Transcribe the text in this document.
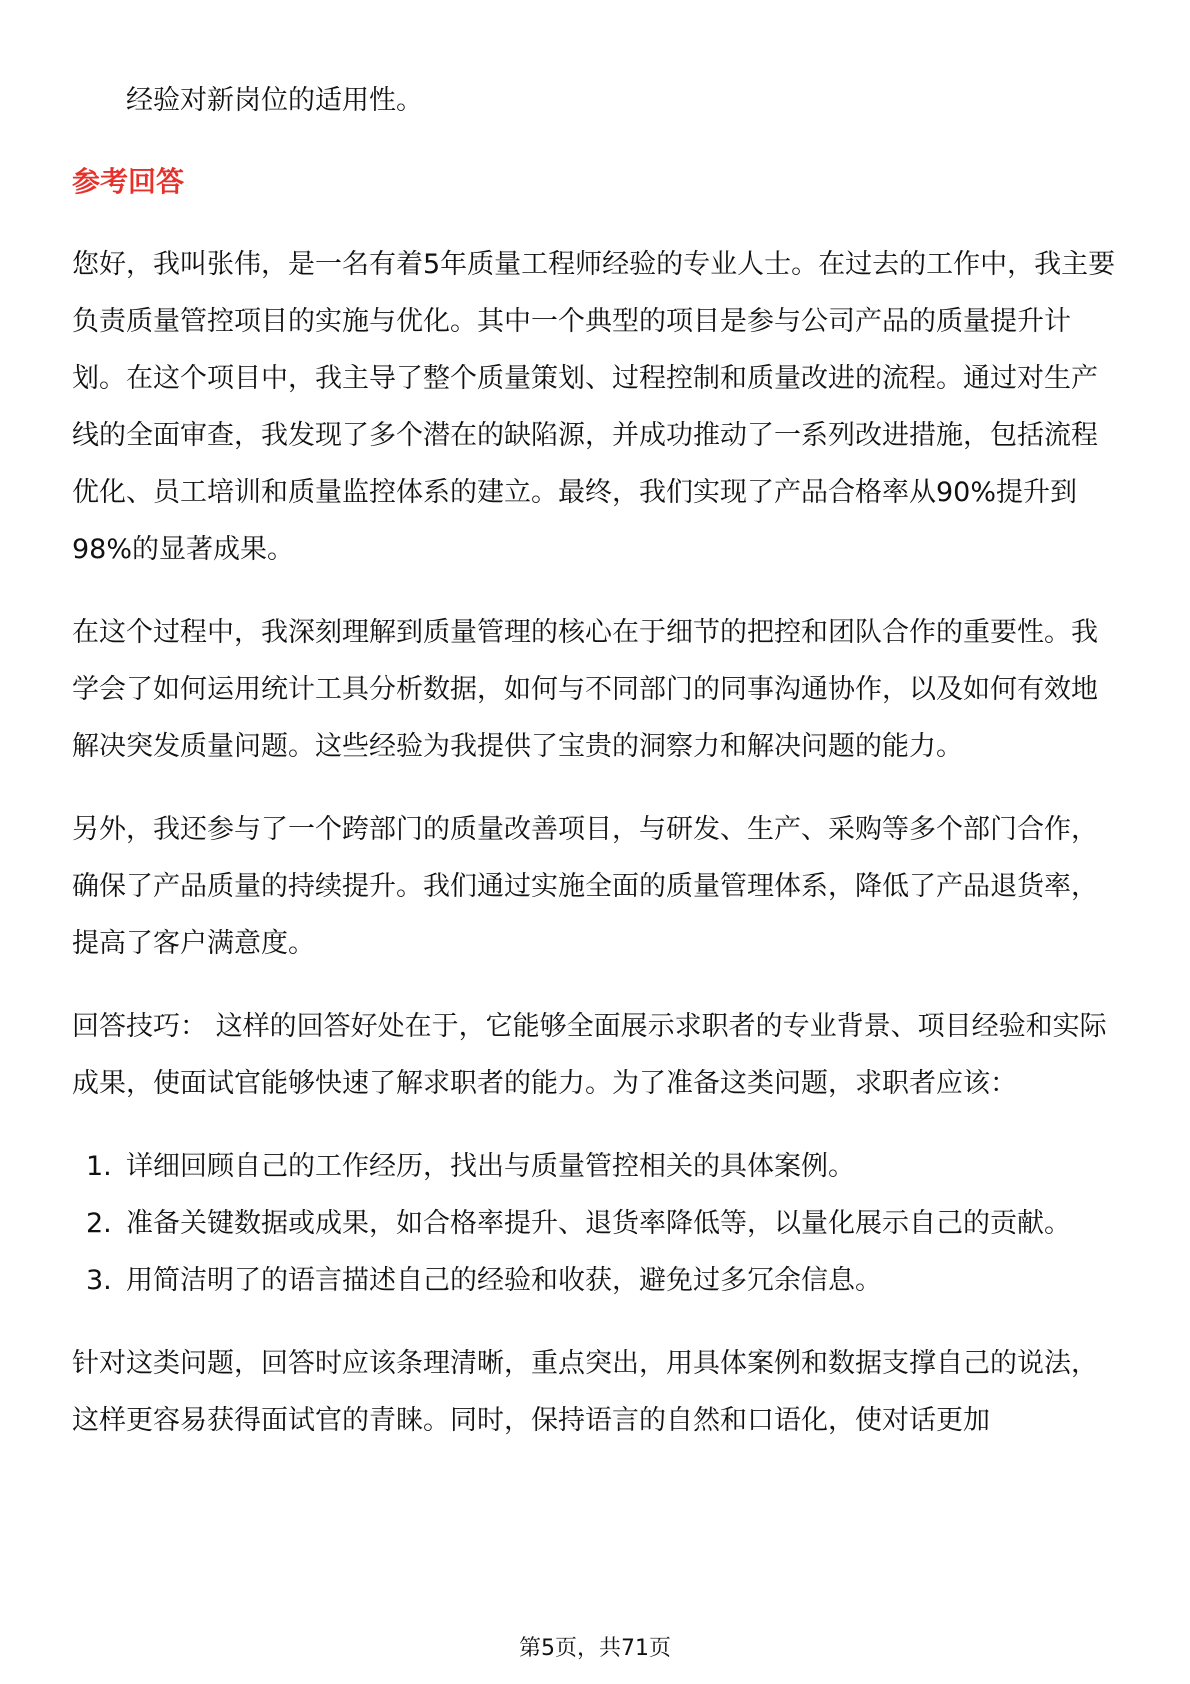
经验对新岗位的适用性。

参考回答

您好，我叫张伟，是一名有着5年质量工程师经验的专业人士。在过去的工作中，我主要负责质量管控项目的实施与优化。其中一个典型的项目是参与公司产品的质量提升计划。在这个项目中，我主导了整个质量策划、过程控制和质量改进的流程。通过对生产线的全面审查，我发现了多个潜在的缺陷源，并成功推动了一系列改进措施，包括流程优化、员工培训和质量监控体系的建立。最终，我们实现了产品合格率从90%提升到98%的显著成果。

在这个过程中，我深刻理解到质量管理的核心在于细节的把控和团队合作的重要性。我学会了如何运用统计工具分析数据，如何与不同部门的同事沟通协作，以及如何有效地解决突发质量问题。这些经验为我提供了宝贵的洞察力和解决问题的能力。

另外，我还参与了一个跨部门的质量改善项目，与研发、生产、采购等多个部门合作，确保了产品质量的持续提升。我们通过实施全面的质量管理体系，降低了产品退货率，提高了客户满意度。

回答技巧： 这样的回答好处在于，它能够全面展示求职者的专业背景、项目经验和实际成果，使面试官能够快速了解求职者的能力。为了准备这类问题，求职者应该：

1. 详细回顾自己的工作经历，找出与质量管控相关的具体案例。
2. 准备关键数据或成果，如合格率提升、退货率降低等，以量化展示自己的贡献。
3. 用简洁明了的语言描述自己的经验和收获，避免过多冗余信息。

针对这类问题，回答时应该条理清晰，重点突出，用具体案例和数据支撑自己的说法，这样更容易获得面试官的青睐。同时，保持语言的自然和口语化，使对话更加

第5页，共71页
